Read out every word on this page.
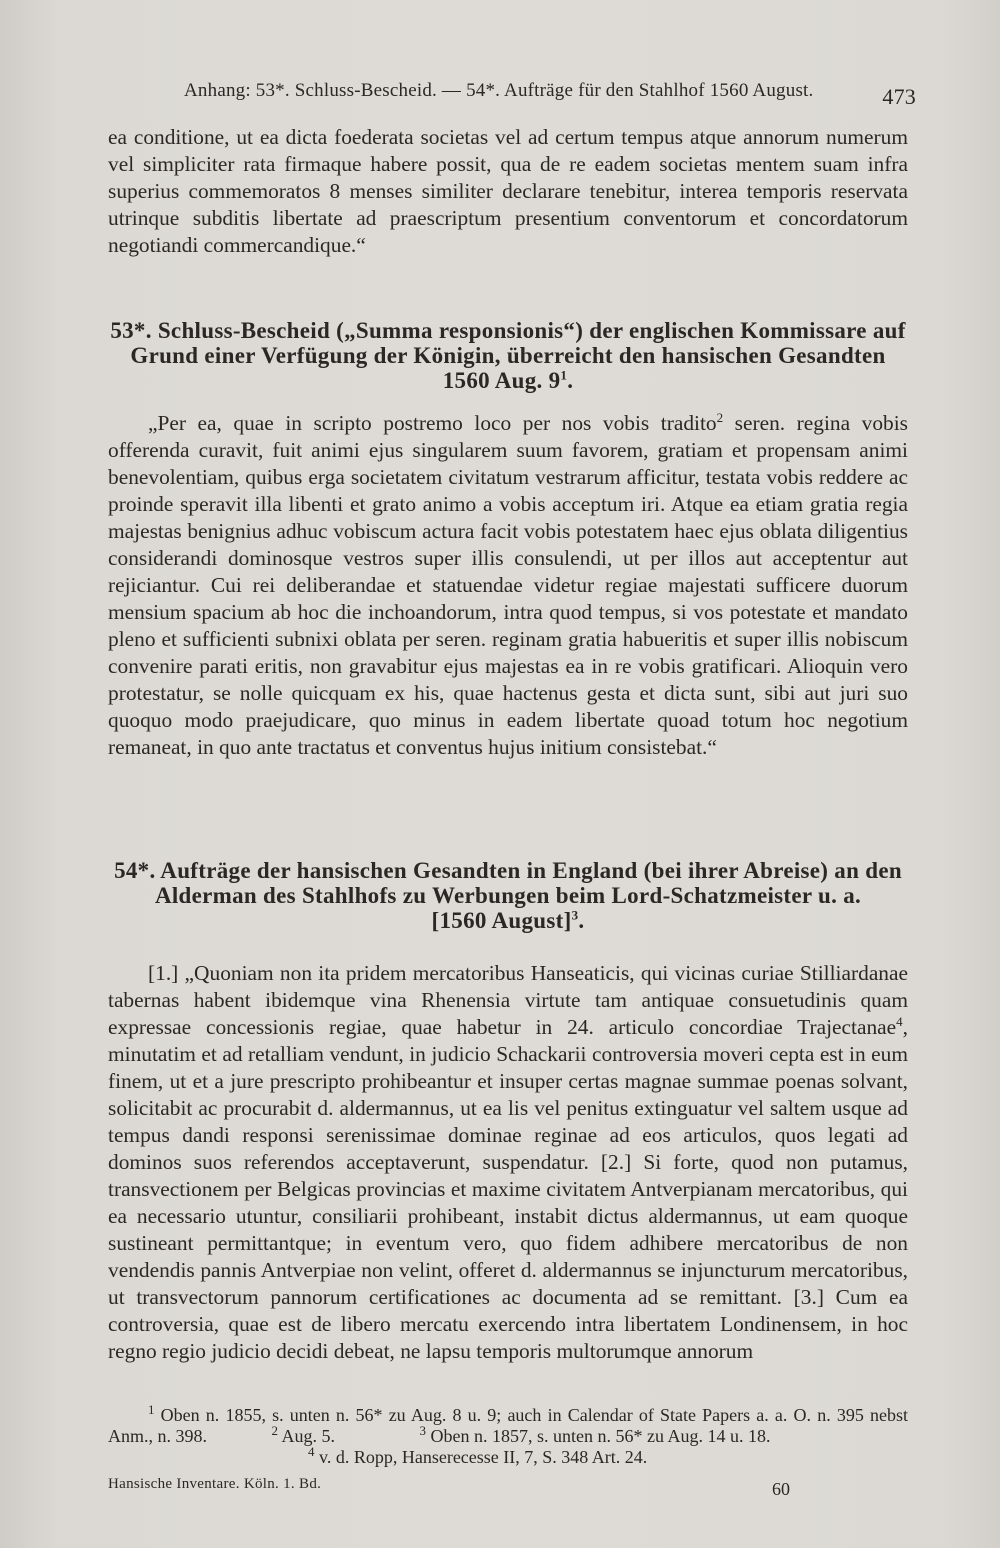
Anhang: 53*. Schluss-Bescheid. — 54*. Aufträge für den Stahlhof 1560 August.	473

ea conditione, ut ea dicta foederata societas vel ad certum tempus atque annorum numerum vel simpliciter rata firmaque habere possit, qua de re eadem societas mentem suam infra superius commemoratos 8 menses similiter declarare tenebitur, interea temporis reservata utrinque subditis libertate ad praescriptum presentium conventorum et concordatorum negotiandi commercandique.“

53*. Schluss-Bescheid („Summa responsionis“) der englischen Kommissare auf Grund einer Verfügung der Königin, überreicht den hansischen Gesandten
1560 Aug. $9^1$.

„Per ea, quae in scripto postremo loco per nos vobis tradito$^2$ seren. regina vobis offerenda curavit, fuit animi ejus singularem suum favorem, gratiam et propensam animi benevolentiam, quibus erga societatem civitatum vestrarum afficitur, testata vobis reddere ac proinde speravit illa libenti et grato animo a vobis acceptum iri. Atque ea etiam gratia regia majestas benignius adhuc vobiscum actura facit vobis potestatem haec ejus oblata diligentius considerandi dominosque vestros super illis consulendi, ut per illos aut acceptentur aut rejiciantur. Cui rei deliberandae et statuendae videtur regiae majestati sufficere duorum mensium spacium ab hoc die inchoandorum, intra quod tempus, si vos potestate et mandato pleno et sufficienti subnixi oblata per seren. reginam gratia habueritis et super illis nobiscum convenire parati eritis, non gravabitur ejus majestas ea in re vobis gratificari. Alioquin vero protestatur, se nolle quicquam ex his, quae hactenus gesta et dicta sunt, sibi aut juri suo quoquo modo praejudicare, quo minus in eadem libertate quoad totum hoc negotium remaneat, in quo ante tractatus et conventus hujus initium consistebat.“

54*. Aufträge der hansischen Gesandten in England (bei ihrer Abreise) an den Alderman des Stahlhofs zu Werbungen beim Lord-Schatzmeister u. a.
[1560 August]$^3$.

[1.] „Quoniam non ita pridem mercatoribus Hanseaticis, qui vicinas curiae Stilliardanae tabernas habent ibidemque vina Rhenensia virtute tam antiquae consuetudinis quam expressae concessionis regiae, quae habetur in 24. articulo concordiae Trajectanae$^4$, minutatim et ad retalliam vendunt, in judicio Schackarii controversia moveri cepta est in eum finem, ut et a jure prescripto prohibeantur et insuper certas magnae summae poenas solvant, solicitabit ac procurabit d. aldermannus, ut ea lis vel penitus extinguatur vel saltem usque ad tempus dandi responsi serenissimae dominae reginae ad eos articulos, quos legati ad dominos suos referendos acceptaverunt, suspendatur. [2.] Si forte, quod non putamus, transvectionem per Belgicas provincias et maxime civitatem Antverpianam mercatoribus, qui ea necessario utuntur, consiliarii prohibeant, instabit dictus aldermannus, ut eam quoque sustineant permittantque; in eventum vero, quo fidem adhibere mercatoribus de non vendendis pannis Antverpiae non velint, offeret d. aldermannus se injuncturum mercatoribus, ut transvectorum pannorum certificationes ac documenta ad se remittant. [3.] Cum ea controversia, quae est de libero mercatu exercendo intra libertatem Londinensem, in hoc regno regio judicio decidi debeat, ne lapsu temporis multorumque annorum

$^1$ Oben n. 1855, s. unten n. 56* zu Aug. 8 u. 9; auch in Calendar of State Papers a. a. O. n. 395 nebst Anm., n. 398.	$^2$ Aug. 5.	$^3$ Oben n. 1857, s. unten n. 56* zu Aug. 14 u. 18.

$^4$ v. d. Ropp, Hanserecesse II, 7, S. 348 Art. 24.

Hansische Inventare. Köln. 1. Bd.	60
